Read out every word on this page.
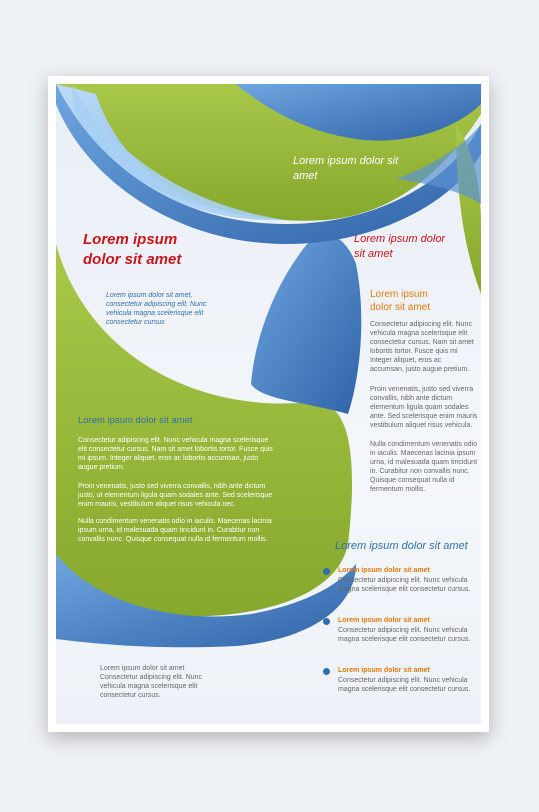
Lorem ipsum dolor sit amet

Lorem ipsum
dolor sit amet

Lorem ipsum dolor sit amet,
consectetur adipiscing elit. Nunc
vehicula magna scelerisque elit
consectetur cursus

Lorem ipsum dolor
sit amet

Lorem ipsum
dolor sit amet

Consectetur adipiscing elit. Nunc
vehicula magna scelerisque elit
consectetur cursus. Nam sit amet
lobortis tortor. Fusce quis mi
Integer aliquet, eros ac
accumsan, justo augue pretium.

Proin venenatis, justo sed viverra
convallis, nibh ante dictum
elementum ligula quam sodales
ante. Sed scelerisque enim mauris
vestibulum aliquet risus vehicula.

Nulla condimentum venenatis odio
in iaculis. Maecenas lacinia ipsum
urna, id malesuada quam tincidunt
in. Curabitur non convallis nunc.
Quisque consequat nulla id
fermentum mollis.

Lorem ipsum dolor sit amet

Consectetur adipiscing elit. Nunc vehicula magna scelerisque
elit consectetur cursus. Nam sit amet lobortis tortor. Fusce quis
mi ipsum. Integer aliquet, eros ac lobortis accumsan, justo
augue pretium.

Proin venenatis, justo sed viverra convallis, nibh ante dictum
justo, ut elementum ligula quam sodales ante. Sed scelerisque
enim mauris, vestibulum aliquet risus vehicula nec.

Nulla condimentum venenatis odio in iaculis. Maecenas lacinia
ipsum urna, id malesuada quam tincidunt in. Curabitur non
convallis nunc. Quisque consequat nulla id fermentum mollis.

Lorem ipsum dolor sit amet

Lorem ipsum dolor sit amet

Consectetur adipiscing elit. Nunc vehicula
magna scelerisque elit consectetur cursus.

Lorem ipsum dolor sit amet

Consectetur adipiscing elit. Nunc vehicula
magna scelerisque elit consectetur cursus.

Lorem ipsum dolor sit amet

Consectetur adipiscing elit. Nunc vehicula
magna scelerisque elit consectetur cursus.

Lorem ipsum dolor sit amet
Consectetur adipiscing elit. Nunc
vehicula magna scelerisque elit
consectetur cursus.
